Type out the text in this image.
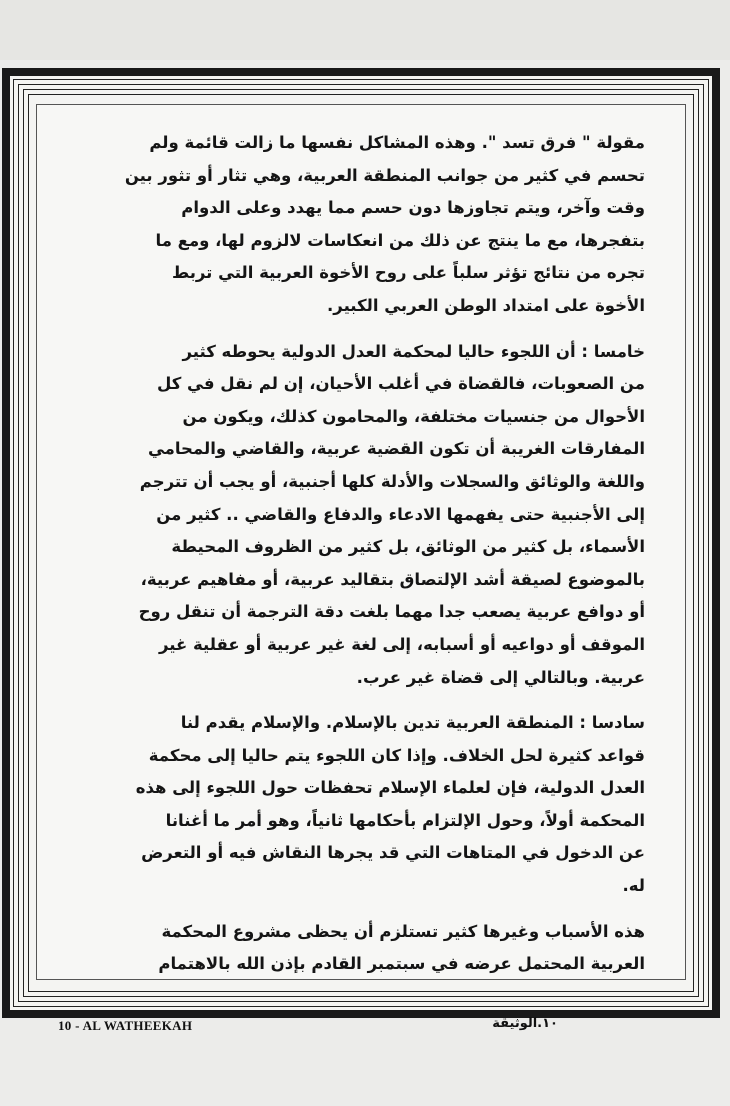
مقولة " فرق تسد ". وهذه المشاكل نفسها ما زالت قائمة ولم
تحسم في كثير من جوانب المنطقة العربية، وهي تثار أو تثور بين
وقت وآخر، ويتم تجاوزها دون حسم مما يهدد وعلى الدوام
بتفجرها، مع ما ينتج عن ذلك من انعكاسات لالزوم لها، ومع ما
تجره من نتائج تؤثر سلباً على روح الأخوة العربية التي تربط
الأخوة على امتداد الوطن العربي الكبير.

خامسا : أن اللجوء حاليا لمحكمة العدل الدولية يحوطه كثير
من الصعوبات، فالقضاة في أغلب الأحيان، إن لم نقل في كل
الأحوال من جنسيات مختلفة، والمحامون كذلك، ويكون من
المفارقات الغريبة أن تكون القضية عربية، والقاضي والمحامي
واللغة والوثائق والسجلات والأدلة كلها أجنبية، أو يجب أن تترجم
إلى الأجنبية حتى يفهمها الادعاء والدفاع والقاضي .. كثير من
الأسماء، بل كثير من الوثائق، بل كثير من الظروف المحيطة
بالموضوع لصيقة أشد الإلتصاق بتقاليد عربية، أو مفاهيم عربية،
أو دوافع عربية يصعب جدا مهما بلغت دقة الترجمة أن تنقل روح
الموقف أو دواعيه أو أسبابه، إلى لغة غير عربية أو عقلية غير
عربية. وبالتالي إلى قضاة غير عرب.

سادسا : المنطقة العربية تدين بالإسلام. والإسلام يقدم لنا
قواعد كثيرة لحل الخلاف. وإذا كان اللجوء يتم حاليا إلى محكمة
العدل الدولية، فإن لعلماء الإسلام تحفظات حول اللجوء إلى هذه
المحكمة أولاً، وحول الإلتزام بأحكامها ثانياً، وهو أمر ما أغنانا
عن الدخول في المتاهات التي قد يجرها النقاش فيه أو التعرض
له.

هذه الأسباب وغيرها كثير تستلزم أن يحظى مشروع المحكمة
العربية المحتمل عرضه في سبتمبر القادم بإذن الله بالاهتمام

10 - AL WATHEEKAH	١٠.الوثيقة
